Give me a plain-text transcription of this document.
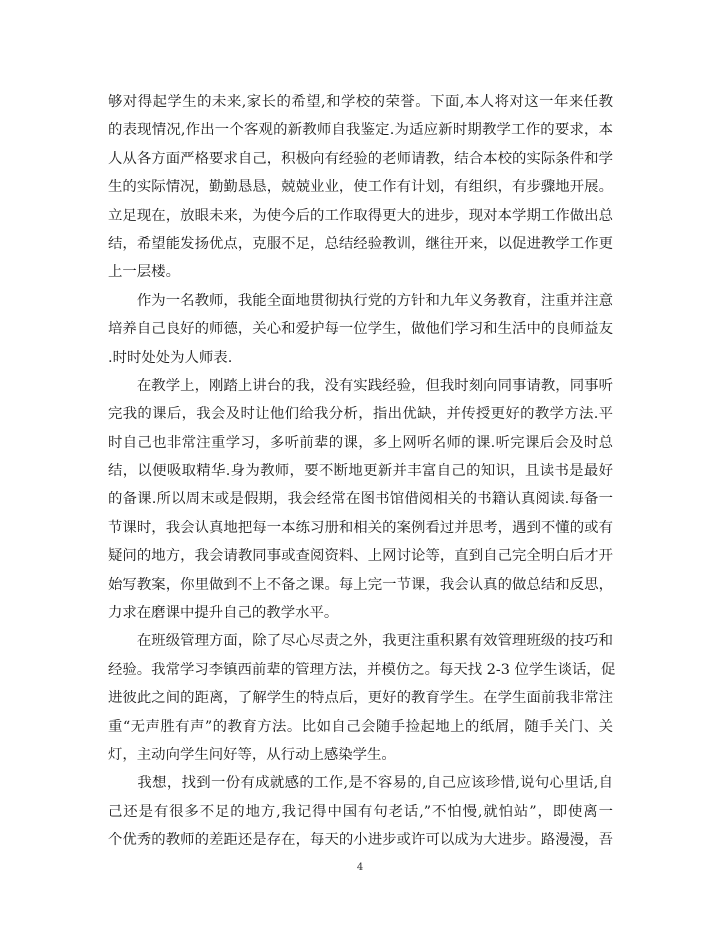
够对得起学生的未来,家长的希望,和学校的荣誉。下面,本人将对这一年来任教
的表现情况,作出一个客观的新教师自我鉴定.为适应新时期教学工作的要求，本
人从各方面严格要求自己，积极向有经验的老师请教，结合本校的实际条件和学
生的实际情况，勤勤恳恳，兢兢业业，使工作有计划，有组织，有步骤地开展。
立足现在，放眼未来，为使今后的工作取得更大的进步，现对本学期工作做出总
结，希望能发扬优点，克服不足，总结经验教训，继往开来，以促进教学工作更
上一层楼。
　　作为一名教师，我能全面地贯彻执行党的方针和九年义务教育，注重并注意
培养自己良好的师德，关心和爱护每一位学生，做他们学习和生活中的良师益友
.时时处处为人师表.
　　在教学上，刚踏上讲台的我，没有实践经验，但我时刻向同事请教，同事听
完我的课后，我会及时让他们给我分析，指出优缺，并传授更好的教学方法.平
时自己也非常注重学习，多听前辈的课，多上网听名师的课.听完课后会及时总
结，以便吸取精华.身为教师，要不断地更新并丰富自己的知识，且读书是最好
的备课.所以周末或是假期，我会经常在图书馆借阅相关的书籍认真阅读.每备一
节课时，我会认真地把每一本练习册和相关的案例看过并思考，遇到不懂的或有
疑问的地方，我会请教同事或查阅资料、上网讨论等，直到自己完全明白后才开
始写教案，你里做到不上不备之课。每上完一节课，我会认真的做总结和反思，
力求在磨课中提升自己的教学水平。
　　在班级管理方面，除了尽心尽责之外，我更注重积累有效管理班级的技巧和
经验。我常学习李镇西前辈的管理方法，并模仿之。每天找 2-3 位学生谈话，促
进彼此之间的距离，了解学生的特点后，更好的教育学生。在学生面前我非常注
重“无声胜有声”的教育方法。比如自己会随手捡起地上的纸屑，随手关门、关
灯，主动向学生问好等，从行动上感染学生。
　　我想，找到一份有成就感的工作,是不容易的,自己应该珍惜,说句心里话,自
己还是有很多不足的地方,我记得中国有句老话,”不怕慢,就怕站”，即使离一
个优秀的教师的差距还是存在，每天的小进步或许可以成为大进步。路漫漫，吾
4
